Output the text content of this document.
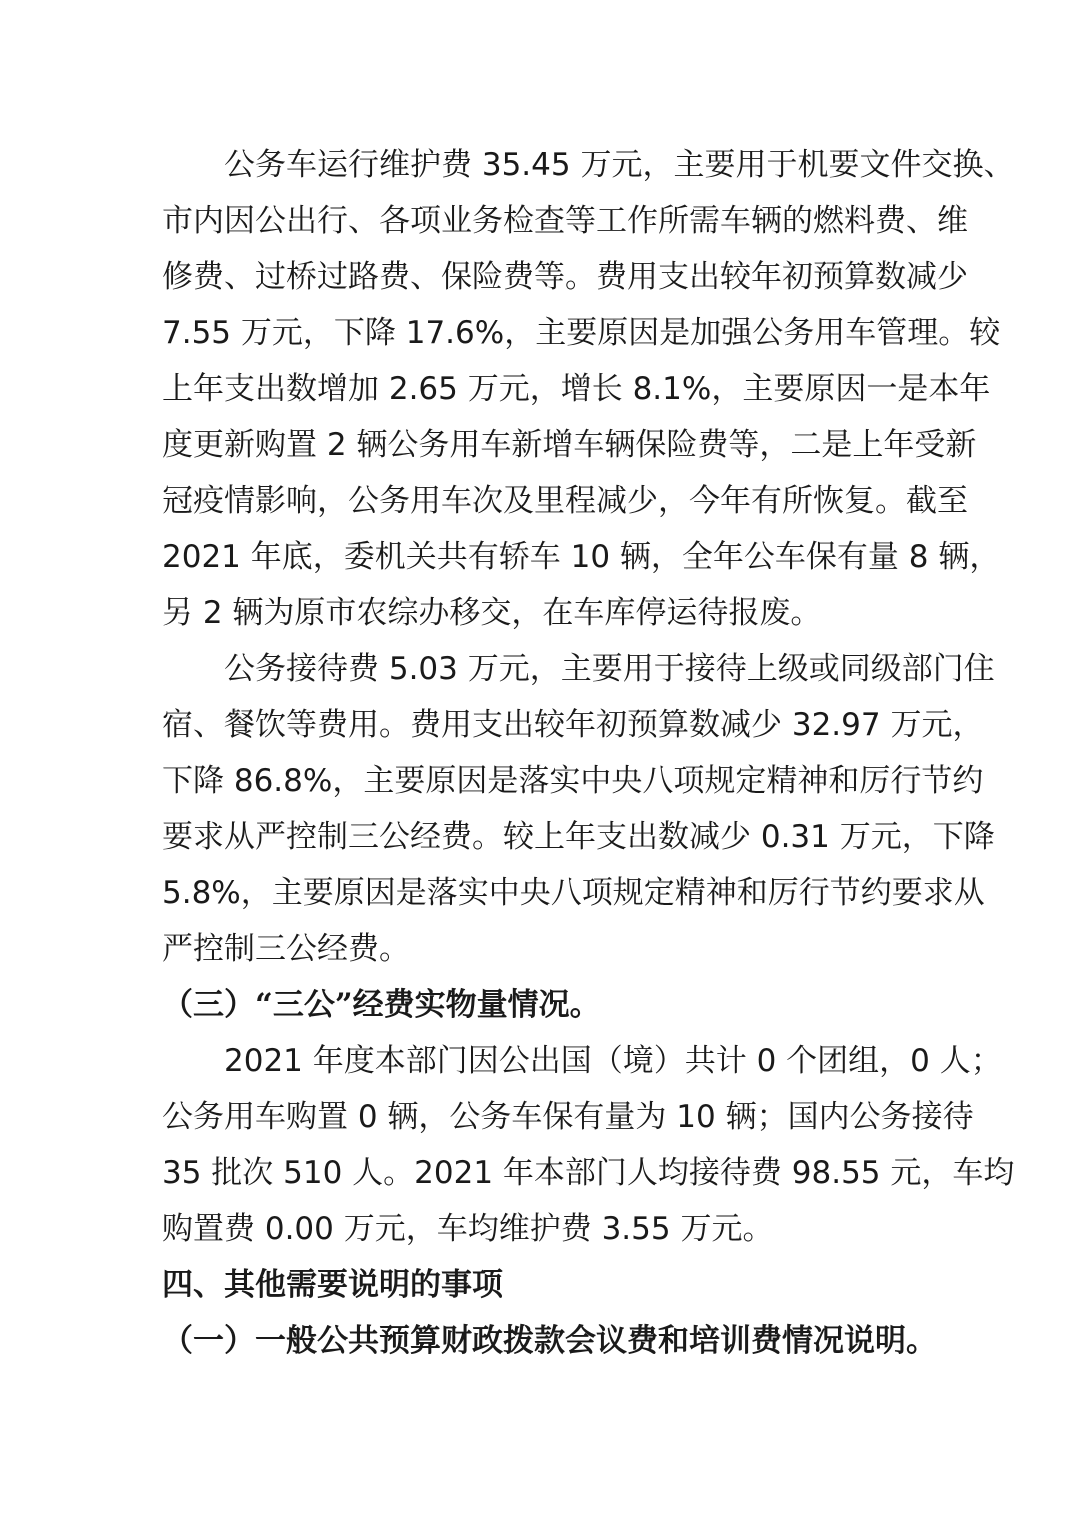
公务车运行维护费 35.45 万元，主要用于机要文件交换、
市内因公出行、各项业务检查等工作所需车辆的燃料费、维
修费、过桥过路费、保险费等。费用支出较年初预算数减少
7.55 万元，下降 17.6%，主要原因是加强公务用车管理。较
上年支出数增加 2.65 万元，增长 8.1%，主要原因一是本年
度更新购置 2 辆公务用车新增车辆保险费等，二是上年受新
冠疫情影响，公务用车次及里程减少，今年有所恢复。截至
2021 年底，委机关共有轿车 10 辆，全年公车保有量 8 辆，
另 2 辆为原市农综办移交，在车库停运待报废。
公务接待费 5.03 万元，主要用于接待上级或同级部门住
宿、餐饮等费用。费用支出较年初预算数减少 32.97 万元，
下降 86.8%，主要原因是落实中央八项规定精神和厉行节约
要求从严控制三公经费。较上年支出数减少 0.31 万元，下降
5.8%，主要原因是落实中央八项规定精神和厉行节约要求从
严控制三公经费。
（三）“三公”经费实物量情况。
2021 年度本部门因公出国（境）共计 0 个团组，0 人；
公务用车购置 0 辆，公务车保有量为 10 辆；国内公务接待
35 批次 510 人。2021 年本部门人均接待费 98.55 元，车均
购置费 0.00 万元，车均维护费 3.55 万元。
四、其他需要说明的事项
（一）一般公共预算财政拨款会议费和培训费情况说明。
